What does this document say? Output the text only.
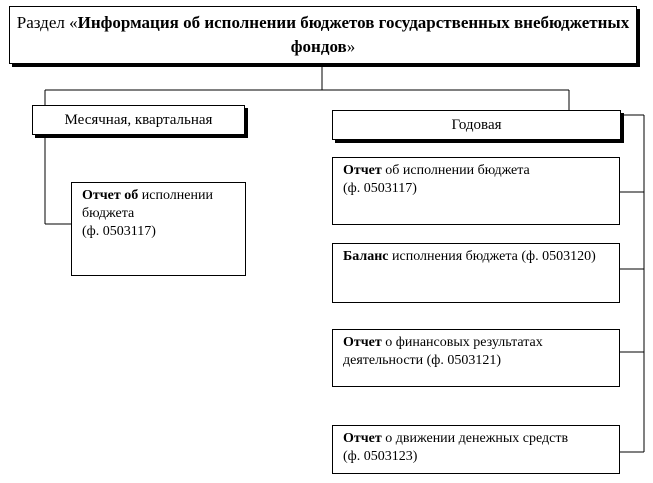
Раздел «Информация об исполнении бюджетов государственных внебюджетных фондов»
Месячная, квартальная	Годовая
Отчет об исполнении бюджета
(ф. 0503117)
Отчет об исполнении бюджета
(ф. 0503117)
Баланс исполнения бюджета (ф. 0503120)
Отчет о финансовых результатах деятельности (ф. 0503121)
Отчет о движении денежных средств
(ф. 0503123)
